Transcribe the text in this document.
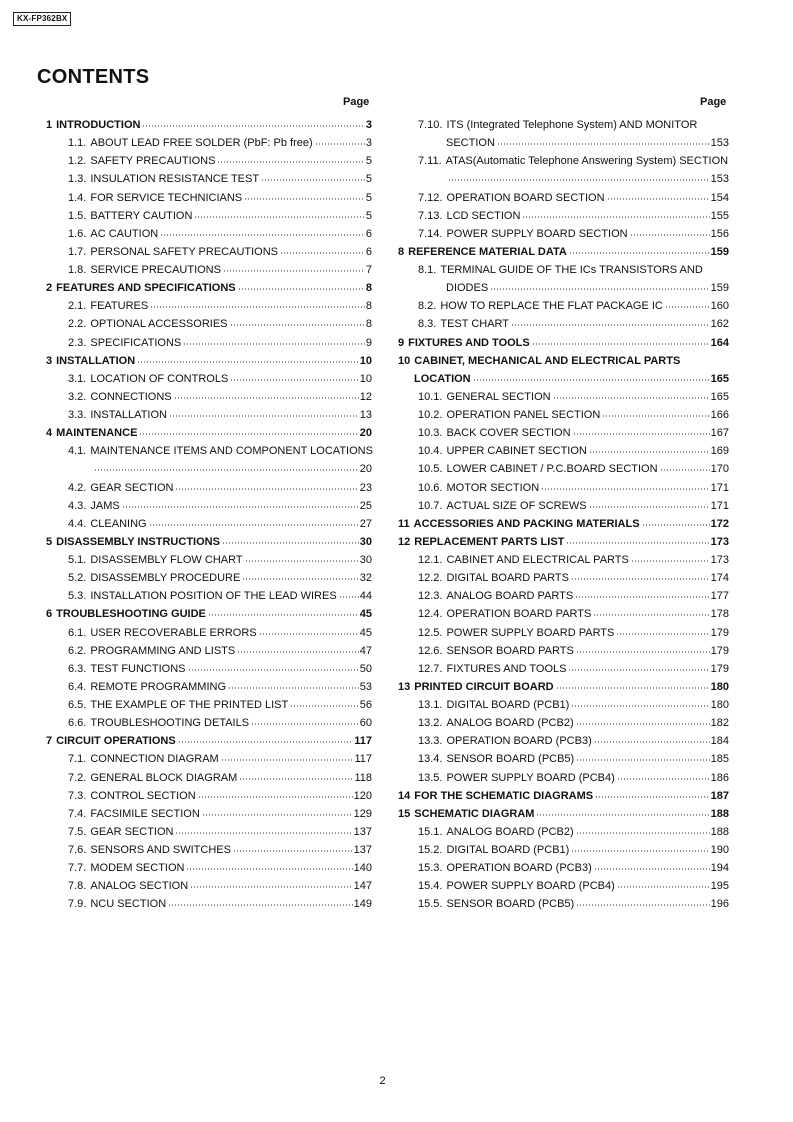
KX-FP362BX
CONTENTS
Page	Page
1 INTRODUCTION	3
1.1. ABOUT LEAD FREE SOLDER (PbF: Pb free)	3
1.2. SAFETY PRECAUTIONS	5
1.3. INSULATION RESISTANCE TEST	5
1.4. FOR SERVICE TECHNICIANS	5
1.5. BATTERY CAUTION	5
1.6. AC CAUTION	6
1.7. PERSONAL SAFETY PRECAUTIONS	6
1.8. SERVICE PRECAUTIONS	7
2 FEATURES AND SPECIFICATIONS	8
2.1. FEATURES	8
2.2. OPTIONAL ACCESSORIES	8
2.3. SPECIFICATIONS	9
3 INSTALLATION	10
3.1. LOCATION OF CONTROLS	10
3.2. CONNECTIONS	12
3.3. INSTALLATION	13
4 MAINTENANCE	20
4.1. MAINTENANCE ITEMS AND COMPONENT LOCATIONS
20
4.2. GEAR SECTION	23
4.3. JAMS	25
4.4. CLEANING	27
5 DISASSEMBLY INSTRUCTIONS	30
5.1. DISASSEMBLY FLOW CHART	30
5.2. DISASSEMBLY PROCEDURE	32
5.3. INSTALLATION POSITION OF THE LEAD WIRES 44
6 TROUBLESHOOTING GUIDE	45
6.1. USER RECOVERABLE ERRORS	45
6.2. PROGRAMMING AND LISTS	47
6.3. TEST FUNCTIONS	50
6.4. REMOTE PROGRAMMING	53
6.5. THE EXAMPLE OF THE PRINTED LIST	56
6.6. TROUBLESHOOTING DETAILS	60
7 CIRCUIT OPERATIONS	117
7.1. CONNECTION DIAGRAM	117
7.2. GENERAL BLOCK DIAGRAM	118
7.3. CONTROL SECTION	120
7.4. FACSIMILE SECTION	129
7.5. GEAR SECTION	137
7.6. SENSORS AND SWITCHES	137
7.7. MODEM SECTION	140
7.8. ANALOG SECTION	147
7.9. NCU SECTION	149
7.10. ITS (Integrated Telephone System) AND MONITOR
SECTION	153
7.11. ATAS(Automatic Telephone Answering System) SECTION
153
7.12. OPERATION BOARD SECTION	154
7.13. LCD SECTION	155
7.14. POWER SUPPLY BOARD SECTION	156
8 REFERENCE MATERIAL DATA	159
8.1. TERMINAL GUIDE OF THE ICs TRANSISTORS AND
DIODES	159
8.2. HOW TO REPLACE THE FLAT PACKAGE IC	160
8.3. TEST CHART	162
9 FIXTURES AND TOOLS	164
10 CABINET, MECHANICAL AND ELECTRICAL PARTS
LOCATION	165
10.1. GENERAL SECTION	165
10.2. OPERATION PANEL SECTION	166
10.3. BACK COVER SECTION	167
10.4. UPPER CABINET SECTION	169
10.5. LOWER CABINET / P.C.BOARD SECTION	170
10.6. MOTOR SECTION	171
10.7. ACTUAL SIZE OF SCREWS	171
11 ACCESSORIES AND PACKING MATERIALS	172
12 REPLACEMENT PARTS LIST	173
12.1. CABINET AND ELECTRICAL PARTS	173
12.2. DIGITAL BOARD PARTS	174
12.3. ANALOG BOARD PARTS	177
12.4. OPERATION BOARD PARTS	178
12.5. POWER SUPPLY BOARD PARTS	179
12.6. SENSOR BOARD PARTS	179
12.7. FIXTURES AND TOOLS	179
13 PRINTED CIRCUIT BOARD	180
13.1. DIGITAL BOARD (PCB1)	180
13.2. ANALOG BOARD (PCB2)	182
13.3. OPERATION BOARD (PCB3)	184
13.4. SENSOR BOARD (PCB5)	185
13.5. POWER SUPPLY BOARD (PCB4)	186
14 FOR THE SCHEMATIC DIAGRAMS	187
15 SCHEMATIC DIAGRAM	188
15.1. ANALOG BOARD (PCB2)	188
15.2. DIGITAL BOARD (PCB1)	190
15.3. OPERATION BOARD (PCB3)	194
15.4. POWER SUPPLY BOARD (PCB4)	195
15.5. SENSOR BOARD (PCB5)	196
2
